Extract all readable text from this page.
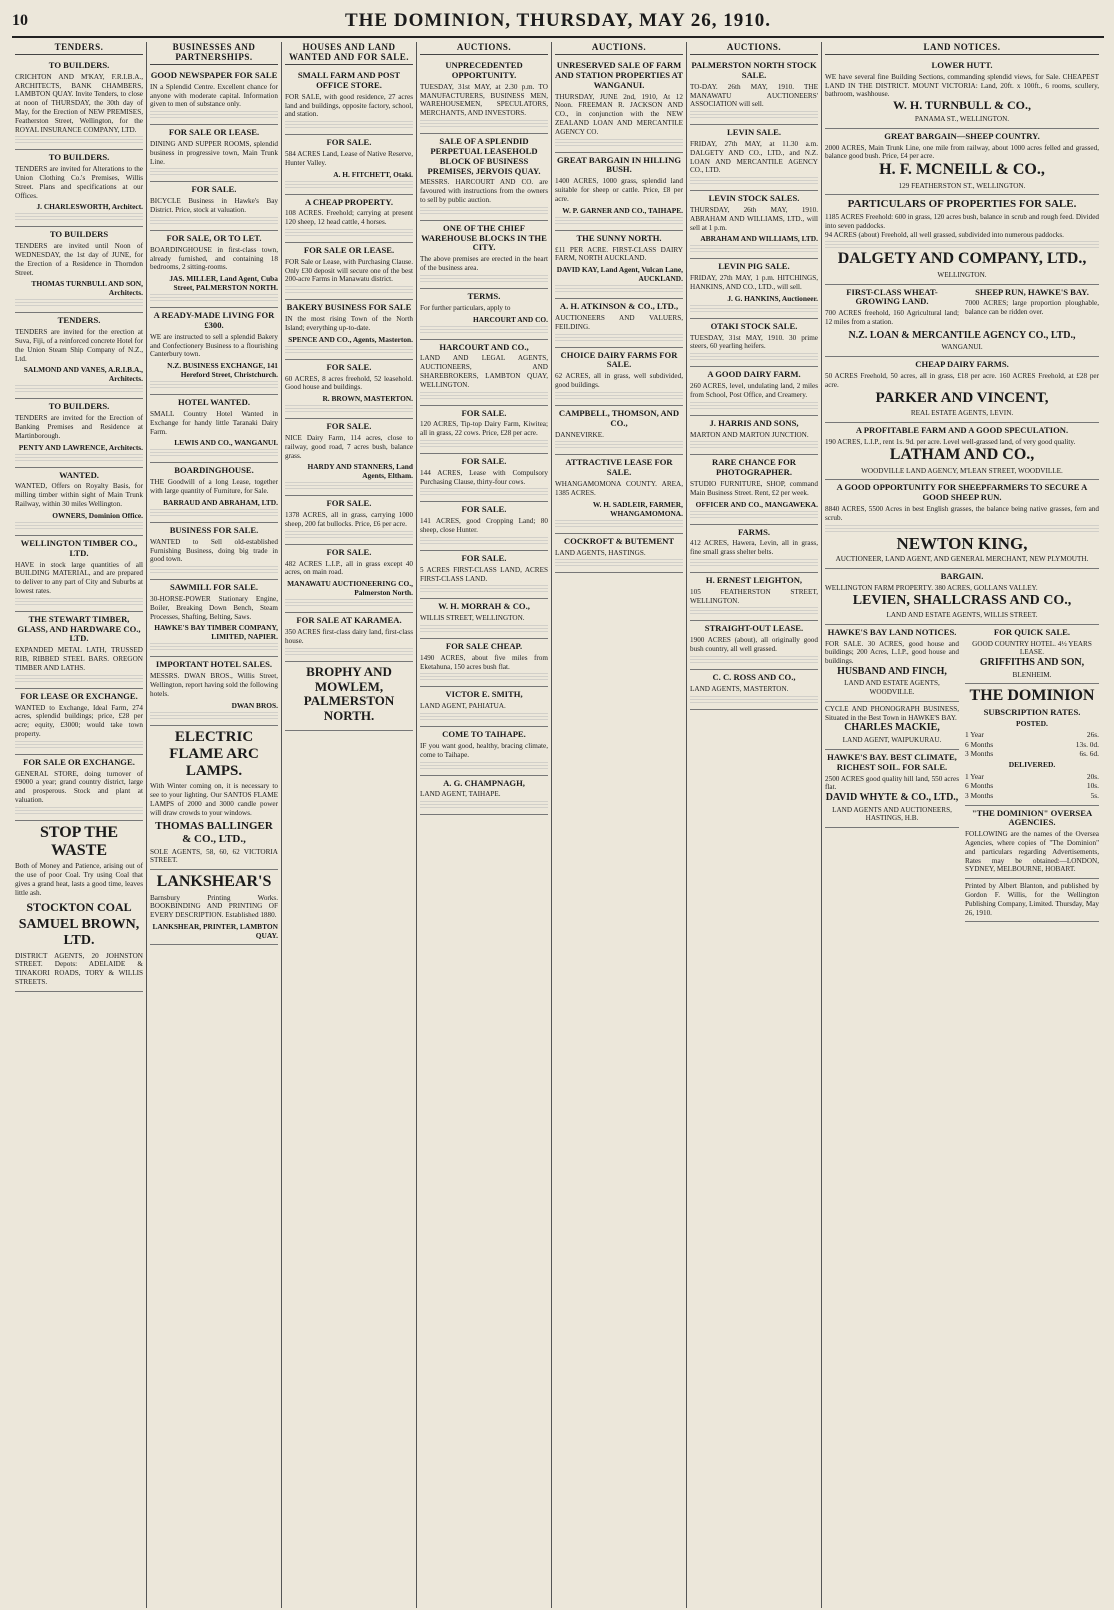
10	THE DOMINION, THURSDAY, MAY 26, 1910.
TENDERS.
TO BUILDERS.

CRICHTON AND M'KAY, F.R.I.B.A., ARCHITECTS, BANK CHAMBERS, LAMBTON QUAY. Invite Tenders, to close at noon of THURSDAY, the 30th day of May, for the Erection of NEW PREMISES, Featherston Street, Wellington, for the ROYAL INSURANCE COMPANY, LTD.

TO BUILDERS.

TENDERS are invited for Alterations to the Union Clothing Co.'s Premises, Willis Street. Plans and specifications at our Offices.

J. CHARLESWORTH, Architect.
TO BUILDERS

TENDERS are invited until Noon of WEDNESDAY, the 1st day of JUNE, for the Erection of a Residence in Thorndon Street.

THOMAS TURNBULL AND SON, Architects.
TENDERS.

TENDERS are invited for the erection at Suva, Fiji, of a reinforced concrete Hotel for the Union Steam Ship Company of N.Z., Ltd.

SALMOND AND VANES, A.R.I.B.A., Architects.
TO BUILDERS.

TENDERS are invited for the Erection of Banking Premises and Residence at Martinborough.

PENTY AND LAWRENCE, Architects.
WANTED.

WANTED, Offers on Royalty Basis, for milling timber within sight of Main Trunk Railway, within 30 miles Wellington.

OWNERS, Dominion Office.
WELLINGTON TIMBER CO., LTD.

HAVE in stock large quantities of all BUILDING MATERIAL, and are prepared to deliver to any part of City and Suburbs at lowest rates.

THE STEWART TIMBER, GLASS, AND HARDWARE CO., LTD.

EXPANDED METAL LATH, TRUSSED RIB, RIBBED STEEL BARS. OREGON TIMBER AND LATHS.

FOR LEASE OR EXCHANGE.

WANTED to Exchange, Ideal Farm, 274 acres, splendid buildings; price, £28 per acre; equity, £3000; would take town property.

FOR SALE OR EXCHANGE.

GENERAL STORE, doing turnover of £9000 a year; grand country district, large and prosperous. Stock and plant at valuation.

STOP THE WASTE

Both of Money and Patience, arising out of the use of poor Coal. Try using Coal that gives a grand heat, lasts a good time, leaves little ash.

STOCKTON COAL
SAMUEL BROWN, LTD.

DISTRICT AGENTS, 20 JOHNSTON STREET. Depots: ADELAIDE & TINAKORI ROADS, TORY & WILLIS STREETS.

BUSINESSES AND PARTNERSHIPS.
GOOD NEWSPAPER FOR SALE

IN a Splendid Centre. Excellent chance for anyone with moderate capital. Information given to men of substance only.

FOR SALE OR LEASE.

DINING AND SUPPER ROOMS, splendid business in progressive town, Main Trunk Line.

FOR SALE.

BICYCLE Business in Hawke's Bay District. Price, stock at valuation.

FOR SALE, OR TO LET.

BOARDINGHOUSE in first-class town, already furnished, and containing 18 bedrooms, 2 sitting-rooms.

JAS. MILLER, Land Agent, Cuba Street, PALMERSTON NORTH.
A READY-MADE LIVING FOR £300.

WE are instructed to sell a splendid Bakery and Confectionery Business to a flourishing Canterbury town.

N.Z. BUSINESS EXCHANGE, 141 Hereford Street, Christchurch.
HOTEL WANTED.

SMALL Country Hotel Wanted in Exchange for handy little Taranaki Dairy Farm.

LEWIS AND CO., WANGANUI.
BOARDINGHOUSE.

THE Goodwill of a long Lease, together with large quantity of Furniture, for Sale.

BARRAUD AND ABRAHAM, LTD.
BUSINESS FOR SALE.

WANTED to Sell old-established Furnishing Business, doing big trade in good town.

SAWMILL FOR SALE.

30-HORSE-POWER Stationary Engine, Boiler, Breaking Down Bench, Steam Processes, Shafting, Belting, Saws.

HAWKE'S BAY TIMBER COMPANY, LIMITED, NAPIER.
IMPORTANT HOTEL SALES.

MESSRS. DWAN BROS., Willis Street, Wellington, report having sold the following hotels.

DWAN BROS.
ELECTRIC FLAME ARC LAMPS.

With Winter coming on, it is necessary to see to your lighting. Our SANTOS FLAME LAMPS of 2000 and 3000 candle power will draw crowds to your windows.

THOMAS BALLINGER & CO., LTD.,

SOLE AGENTS, 58, 60, 62 VICTORIA STREET.

LANKSHEAR'S

Barnsbury Printing Works. BOOKBINDING AND PRINTING OF EVERY DESCRIPTION. Established 1880.

LANKSHEAR, PRINTER, LAMBTON QUAY.
HOUSES AND LAND WANTED AND FOR SALE.
SMALL FARM AND POST OFFICE STORE.

FOR SALE, with good residence, 27 acres land and buildings, opposite factory, school, and station.

FOR SALE.

584 ACRES Land, Lease of Native Reserve, Hunter Valley.

A. H. FITCHETT, Otaki.
A CHEAP PROPERTY.

108 ACRES. Freehold; carrying at present 120 sheep, 12 head cattle, 4 horses.

FOR SALE OR LEASE.

FOR Sale or Lease, with Purchasing Clause. Only £30 deposit will secure one of the best 200-acre Farms in Manawatu district.

BAKERY BUSINESS FOR SALE

IN the most rising Town of the North Island; everything up-to-date.

SPENCE AND CO., Agents, Masterton.
FOR SALE.

60 ACRES, 8 acres freehold, 52 leasehold. Good house and buildings.

R. BROWN, MASTERTON.
FOR SALE.

NICE Dairy Farm, 114 acres, close to railway, good road, 7 acres bush, balance grass.

HARDY AND STANNERS, Land Agents, Eltham.
FOR SALE.

1378 ACRES, all in grass, carrying 1000 sheep, 200 fat bullocks. Price, £6 per acre.

FOR SALE.

482 ACRES L.I.P., all in grass except 40 acres, on main road.

MANAWATU AUCTIONEERING CO., Palmerston North.
FOR SALE AT KARAMEA.

350 ACRES first-class dairy land, first-class house.

BROPHY AND MOWLEM, PALMERSTON NORTH.
AUCTIONS.
UNPRECEDENTED OPPORTUNITY.

TUESDAY, 31st MAY, at 2.30 p.m. TO MANUFACTURERS, BUSINESS MEN, WAREHOUSEMEN, SPECULATORS, MERCHANTS, AND INVESTORS.

SALE OF A SPLENDID PERPETUAL LEASEHOLD BLOCK OF BUSINESS PREMISES, JERVOIS QUAY.

MESSRS. HARCOURT AND CO. are favoured with instructions from the owners to sell by public auction.

ONE OF THE CHIEF WAREHOUSE BLOCKS IN THE CITY.

The above premises are erected in the heart of the business area.

TERMS.

For further particulars, apply to

HARCOURT AND CO.
HARCOURT AND CO.,

LAND AND LEGAL AGENTS, AUCTIONEERS, AND SHAREBROKERS, LAMBTON QUAY, WELLINGTON.

FOR SALE.

120 ACRES, Tip-top Dairy Farm, Kiwitea; all in grass, 22 cows. Price, £28 per acre.

FOR SALE.

144 ACRES, Lease with Compulsory Purchasing Clause, thirty-four cows.

FOR SALE.

141 ACRES, good Cropping Land; 80 sheep, close Hunter.

FOR SALE.

5 ACRES FIRST-CLASS LAND, ACRES FIRST-CLASS LAND.

W. H. MORRAH & CO.,

WILLIS STREET, WELLINGTON.

FOR SALE CHEAP.

1490 ACRES, about five miles from Eketahuna, 150 acres bush flat.

VICTOR E. SMITH,

LAND AGENT, PAHIATUA.

COME TO TAIHAPE.

IF you want good, healthy, bracing climate, come to Taihape.

A. G. CHAMPNAGH,

LAND AGENT, TAIHAPE.

AUCTIONS.
UNRESERVED SALE OF FARM AND STATION PROPERTIES AT WANGANUI.

THURSDAY, JUNE 2nd, 1910, At 12 Noon. FREEMAN R. JACKSON AND CO., in conjunction with the NEW ZEALAND LOAN AND MERCANTILE AGENCY CO.

GREAT BARGAIN IN HILLING BUSH.

1400 ACRES, 1000 grass, splendid land suitable for sheep or cattle. Price, £8 per acre.

W. P. GARNER AND CO., TAIHAPE.
THE SUNNY NORTH.

£11 PER ACRE. FIRST-CLASS DAIRY FARM, NORTH AUCKLAND.

DAVID KAY, Land Agent, Vulcan Lane, AUCKLAND.
A. H. ATKINSON & CO., LTD.,

AUCTIONEERS AND VALUERS, FEILDING.

CHOICE DAIRY FARMS FOR SALE.

62 ACRES, all in grass, well subdivided, good buildings.

CAMPBELL, THOMSON, AND CO.,

DANNEVIRKE.

ATTRACTIVE LEASE FOR SALE.

WHANGAMOMONA COUNTY. AREA, 1385 ACRES.

W. H. SADLEIR, FARMER, WHANGAMOMONA.
COCKROFT & BUTEMENT

LAND AGENTS, HASTINGS.

AUCTIONS.
PALMERSTON NORTH STOCK SALE.

TO-DAY. 26th MAY, 1910. THE MANAWATU AUCTIONEERS' ASSOCIATION will sell.

LEVIN SALE.

FRIDAY, 27th MAY, at 11.30 a.m. DALGETY AND CO., LTD., and N.Z. LOAN AND MERCANTILE AGENCY CO., LTD.

LEVIN STOCK SALES.

THURSDAY, 26th MAY, 1910. ABRAHAM AND WILLIAMS, LTD., will sell at 1 p.m.

ABRAHAM AND WILLIAMS, LTD.
LEVIN PIG SALE.

FRIDAY, 27th MAY, 1 p.m. HITCHINGS, HANKINS, AND CO., LTD., will sell.

J. G. HANKINS, Auctioneer.
OTAKI STOCK SALE.

TUESDAY, 31st MAY, 1910. 30 prime steers, 60 yearling heifers.

A GOOD DAIRY FARM.

260 ACRES, level, undulating land, 2 miles from School, Post Office, and Creamery.

J. HARRIS AND SONS,

MARTON AND MARTON JUNCTION.

RARE CHANCE FOR PHOTOGRAPHER.

STUDIO FURNITURE, SHOP, command Main Business Street. Rent, £2 per week.

OFFICER AND CO., MANGAWEKA.
FARMS.

412 ACRES, Hawera, Levin, all in grass, fine small grass shelter belts.

H. ERNEST LEIGHTON,

105 FEATHERSTON STREET, WELLINGTON.

STRAIGHT-OUT LEASE.

1900 ACRES (about), all originally good bush country, all well grassed.

C. C. ROSS AND CO.,

LAND AGENTS, MASTERTON.

LAND NOTICES.
LOWER HUTT.

WE have several fine Building Sections, commanding splendid views, for Sale. CHEAPEST LAND IN THE DISTRICT. MOUNT VICTORIA: Land, 20ft. x 100ft., 6 rooms, scullery, bathroom, washhouse.

W. H. TURNBULL & CO.,

PANAMA ST., WELLINGTON.

GREAT BARGAIN—SHEEP COUNTRY.

2000 ACRES, Main Trunk Line, one mile from railway, about 1000 acres felled and grassed, balance good bush. Price, £4 per acre.

H. F. MCNEILL & CO.,

129 FEATHERSTON ST., WELLINGTON.

PARTICULARS OF PROPERTIES FOR SALE.

1185 ACRES Freehold: 600 in grass, 120 acres bush, balance in scrub and rough feed. Divided into seven paddocks.

94 ACRES (about) Freehold, all well grassed, subdivided into numerous paddocks.

DALGETY AND COMPANY, LTD.,

WELLINGTON.

FIRST-CLASS WHEAT-GROWING LAND.

700 ACRES freehold, 160 Agricultural land; 12 miles from a station.

SHEEP RUN, HAWKE'S BAY.

7000 ACRES; large proportion ploughable, balance can be ridden over.

N.Z. LOAN & MERCANTILE AGENCY CO., LTD.,

WANGANUI.

CHEAP DAIRY FARMS.

50 ACRES Freehold, 50 acres, all in grass, £18 per acre. 160 ACRES Freehold, at £28 per acre.

PARKER AND VINCENT,

REAL ESTATE AGENTS, LEVIN.

A PROFITABLE FARM AND A GOOD SPECULATION.

190 ACRES, L.I.P., rent 1s. 9d. per acre. Level well-grassed land, of very good quality.

LATHAM AND CO.,

WOODVILLE LAND AGENCY, M'LEAN STREET, WOODVILLE.

A GOOD OPPORTUNITY FOR SHEEPFARMERS TO SECURE A GOOD SHEEP RUN.

8840 ACRES, 5500 Acres in best English grasses, the balance being native grasses, fern and scrub.

NEWTON KING,

AUCTIONEER, LAND AGENT, AND GENERAL MERCHANT, NEW PLYMOUTH.

BARGAIN.

WELLINGTON FARM PROPERTY. 380 ACRES, GOLLANS VALLEY.

LEVIEN, SHALLCRASS AND CO.,

LAND AND ESTATE AGENTS, WILLIS STREET.

HAWKE'S BAY LAND NOTICES.

FOR SALE. 30 ACRES, good house and buildings; 200 Acres, L.I.P., good house and buildings.

HUSBAND AND FINCH,

LAND AND ESTATE AGENTS, WOODVILLE.

CYCLE AND PHONOGRAPH BUSINESS, Situated in the Best Town in HAWKE'S BAY.

CHARLES MACKIE,

LAND AGENT, WAIPUKURAU.

HAWKE'S BAY. BEST CLIMATE, RICHEST SOIL. FOR SALE.

2500 ACRES good quality hill land, 550 acres flat.

DAVID WHYTE & CO., LTD.,

LAND AGENTS AND AUCTIONEERS, HASTINGS, H.B.

FOR QUICK SALE.

GOOD COUNTRY HOTEL. 4½ YEARS LEASE.

GRIFFITHS AND SON,

BLENHEIM.

THE DOMINION
SUBSCRIPTION RATES.
POSTED.
1 Year	26s.
6 Months	13s. 0d.
3 Months	6s. 6d.
DELIVERED.
1 Year	20s.
6 Months	10s.
3 Months	5s.
"THE DOMINION" OVERSEA AGENCIES.

FOLLOWING are the names of the Oversea Agencies, where copies of "The Dominion" and particulars regarding Advertisements, Rates may be obtained:—LONDON, SYDNEY, MELBOURNE, HOBART.

Printed by Albert Blanton, and published by Gordon F. Willis, for the Wellington Publishing Company, Limited. Thursday, May 26, 1910.
